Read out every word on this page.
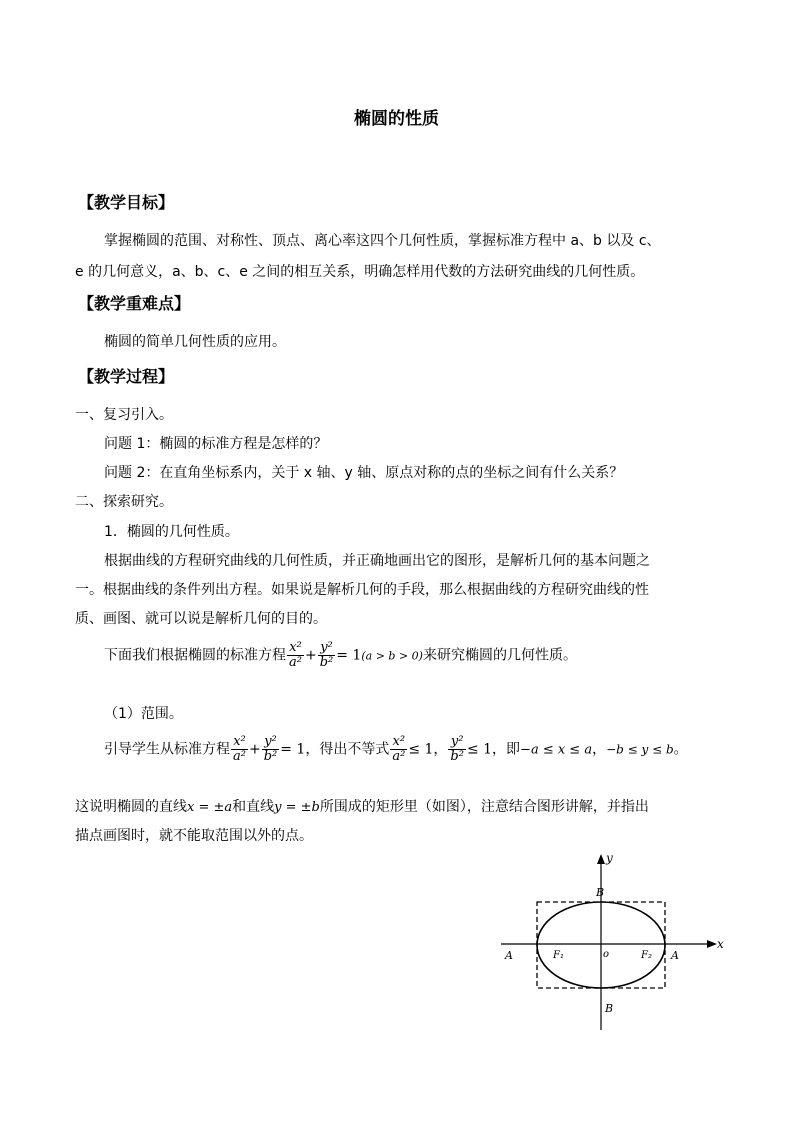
椭圆的性质
【教学目标】
掌握椭圆的范围、对称性、顶点、离心率这四个几何性质，掌握标准方程中 a、b 以及 c、
e 的几何意义，a、b、c、e 之间的相互关系，明确怎样用代数的方法研究曲线的几何性质。
【教学重难点】
椭圆的简单几何性质的应用。
【教学过程】
一、复习引入。
问题 1：椭圆的标准方程是怎样的？
问题 2：在直角坐标系内，关于 x 轴、y 轴、原点对称的点的坐标之间有什么关系？
二、探索研究。
1．椭圆的几何性质。
根据曲线的方程研究曲线的几何性质，并正确地画出它的图形，是解析几何的基本问题之
一。根据曲线的条件列出方程。如果说是解析几何的手段，那么根据曲线的方程研究曲线的性
质、画图、就可以说是解析几何的目的。
下面我们根据椭圆的标准方程 $\frac{\text{x²}}{\text{a²}} + \frac{\text{y²}}{\text{b²}} = 1(a > b > 0)$来研究椭圆的几何性质。
（1）范围。
引导学生从标准方程 $\frac{\text{x²}}{\text{a²}} + \frac{\text{y²}}{\text{b²}} = 1$，得出不等式 $\frac{\text{x²}}{\text{a²}} \le 1$， $\frac{\text{y²}}{\text{b²}} \le 1$，即−a ≤ x ≤ a，−b ≤ y ≤ b。
这说明椭圆的直线x = ±a和直线y = ±b所围成的矩形里（如图），注意结合图形讲解，并指出
描点画图时，就不能取范围以外的点。
x
y
A	A
B
B
o
F₁	F₂
